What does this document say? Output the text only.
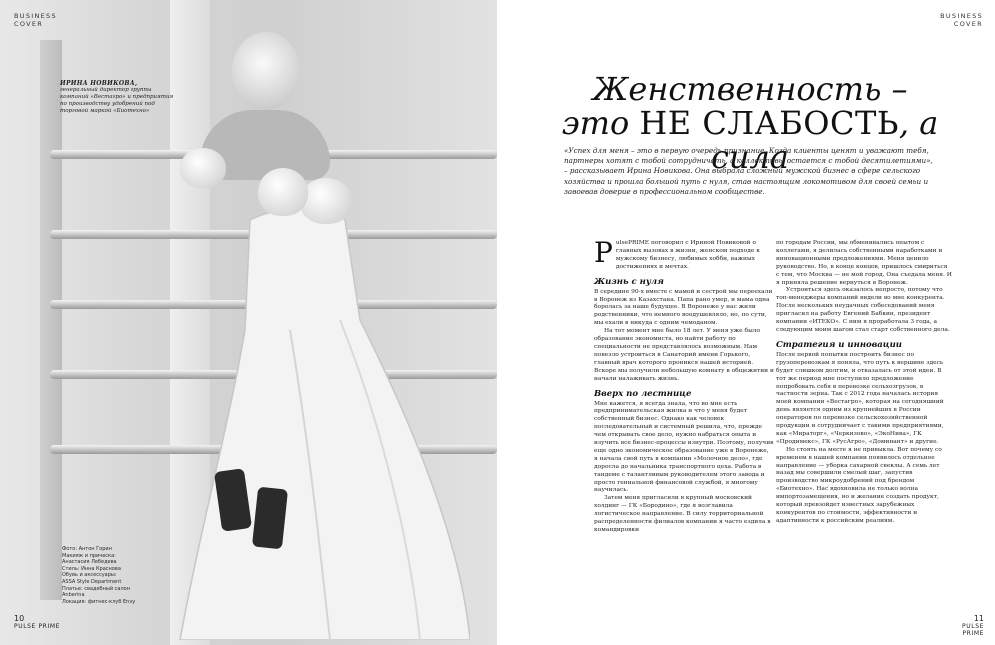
ИРИНА НОВИКОВА,
генеральный директор группы компаний «Вестагро» и предприятия по производству удобрений под торговой маркой «Биотехно»
Фото: Антон Горин
Макияж и прическа:
Анастасия Лебедева
Стиль: Инна Краснова
Обувь и аксессуары:
ASSA Style Department
Платье: свадебный салон
Anberina
Локация: фитнес-клуб Envy
BUSINESS
COVER
10
PULSE PRIME
BUSINESS
COVER
Женственность –
это НЕ СЛАБОСТЬ, а сила
«Успех для меня – это в первую очередь признание. Когда клиенты ценят и уважают тебя, партнеры хотят с тобой сотрудничать, а коллективы остается с тобой десятилетиями», – рассказывает Ирина Новикова. Она выбрала сложный мужской бизнес в сфере сельского хозяйства и прошла большой путь с нуля, став настоящим локомотивом для своей семьи и завоевав доверие в профессиональном сообществе.

PulsePRIME поговорил с Ириной Новиковой о главных вызовах в жизни, женском подходе к мужскому бизнесу, любимых хобби, важных достижениях и мечтах.

Жизнь с нуля

В середине 90-х вместе с мамой и сестрой мы переехали в Воронеж из Казахстана. Папа рано умер, и мама одна боролась за наше будущее. В Воронеже у нас жили родственники, что немного воодушевляло, но, по сути, мы ехали в никуда с одним чемоданом.

На тот момент мне было 18 лет. У меня уже было образование экономиста, но найти работу по специальности не представлялось возможным. Нам повезло устроиться в Санаторий имени Горького, главный врач которого проникся нашей историей. Вскоре мы получили небольшую комнату в общежитии и начали налаживать жизнь.

Вверх по лестнице

Мне кажется, я всегда знала, что во мне есть предпринимательская жилка и что у меня будет собственный бизнес. Однако как человек последовательный и системный решила, что, прежде чем открывать свое дело, нужно набраться опыта и изучить все бизнес-процессы изнутри. Поэтому, получив еще одно экономическое образование уже в Воронеже, я начала свой путь в компании «Молочное дело», где доросла до начальника транспортного цеха. Работа в тандеме с талантливым руководителем этого завода и просто гениальной финансовой службой, я многому научилась.

Затем меня пригласили в крупный московский холдинг — ГК «Бородино», где я возглавила логистическое направление. В силу территориальной распределенности филиалов компании я часто ездила в командировки

по городам России, мы обменивались опытом с коллегами, я делилась собственными наработками и инновационными предложениями. Меня ценило руководство. Но, в конце концов, пришлось смириться с тем, что Москва — не мой город. Она съедала меня. И я приняла решение вернуться в Воронеж.

Устроиться здесь оказалось непросто, потому что топ-менеджеры компаний видели во мне конкурента. После нескольких неудачных собеседований меня пригласил на работу Евгений Бабкин, президент компании «ИТЕКО». С ним я проработала 3 года, а следующим моим шагом стал старт собственного дела.

Стратегия и инновации

После первой попытки построить бизнес по грузоперевозкам я поняла, что путь к вершине здесь будет слишком долгим, и отказалась от этой идеи. В тот же период мне поступило предложение попробовать себя в перевозке сельхозгрузов, в частности зерна. Так с 2012 года началась история моей компании «Вестагро», которая на сегодняшний день является одним из крупнейших в России операторов по перевозке сельскохозяйственной продукции и сотрудничает с такими предприятиями, как «Мираторг», «Черкизово», «ЭкоНива», ГК «Продимекс», ГК «РусАгро», «Доминант» и другие.

Но стоять на месте я не привыкла. Вот почему со временем в нашей компании появилось отдельное направление — уборка сахарной свеклы. А семь лет назад мы совершили смелый шаг, запустив производство микроудобрений под брендом «Биотехно». Нас вдохновила не только волна импортозамещения, но и желание создать продукт, который превзойдет известных зарубежных конкурентов по стоимости, эффективности и адаптивности к российским реалиям.

11
PULSE PRIME
